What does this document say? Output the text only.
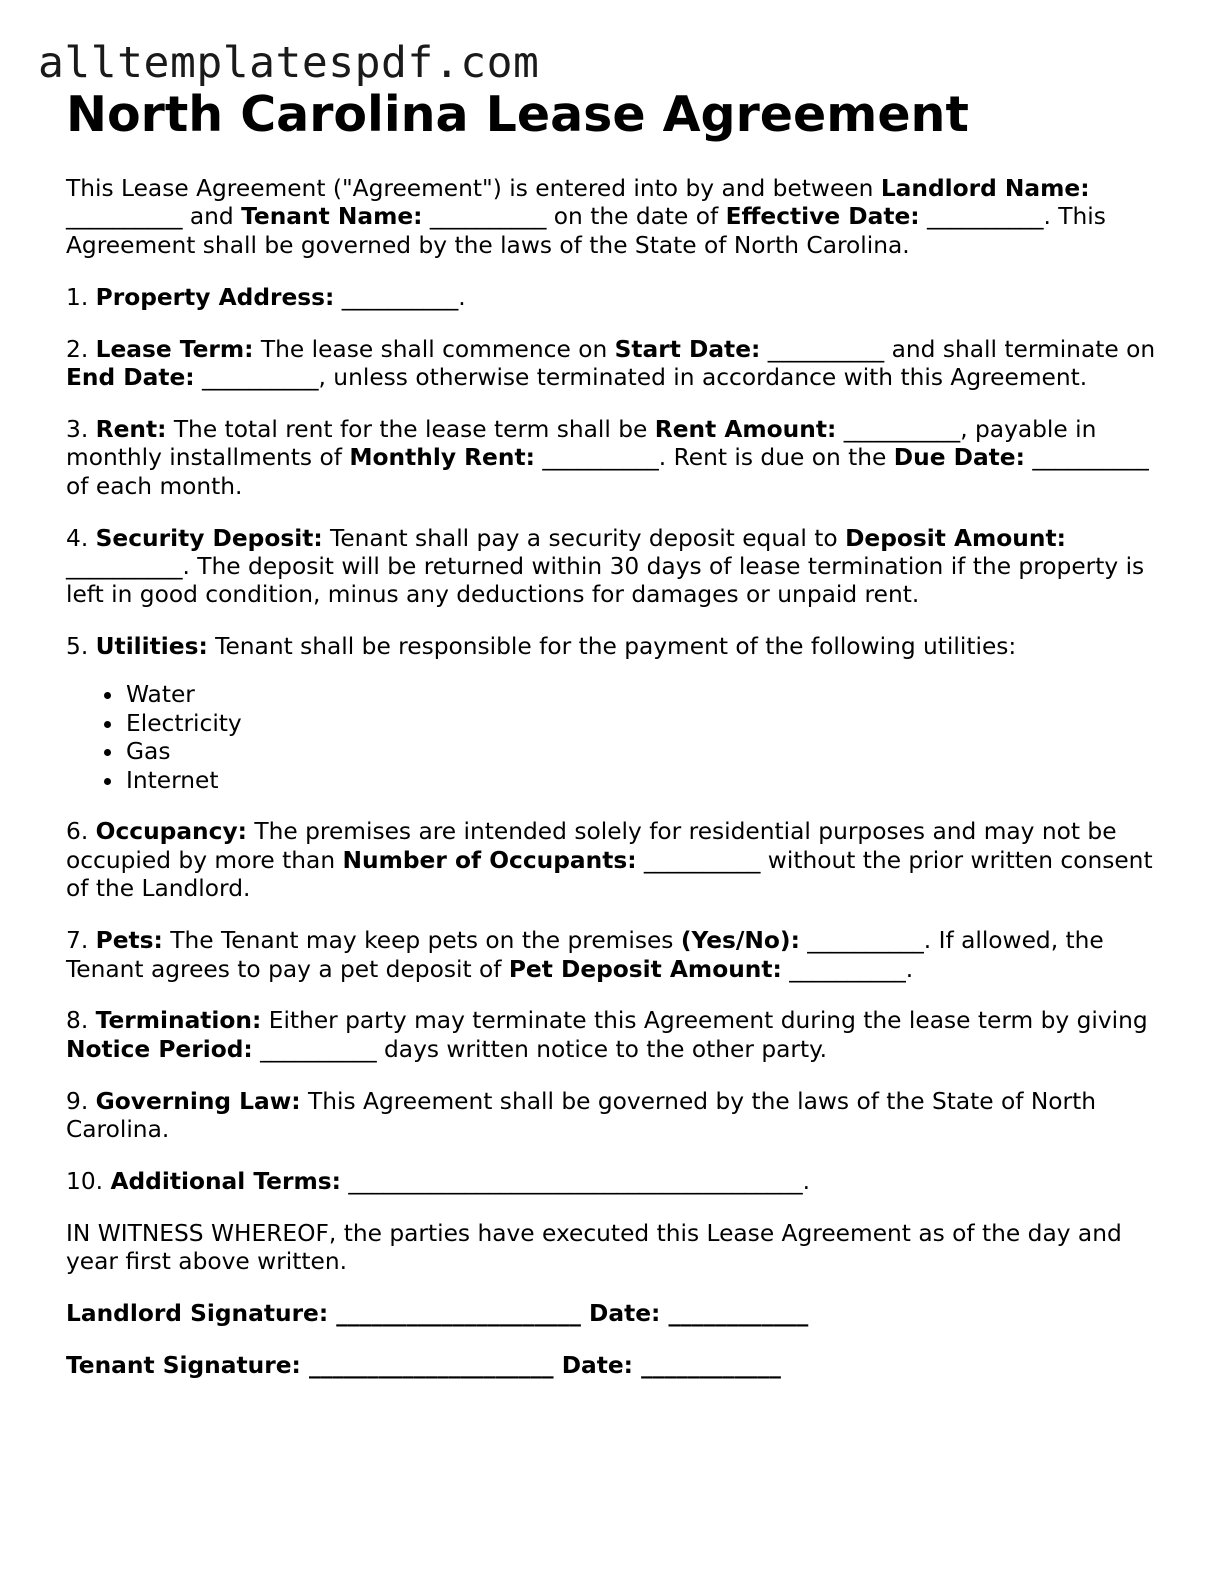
alltemplatespdf.com
North Carolina Lease Agreement

This Lease Agreement ("Agreement") is entered into by and between Landlord Name: __________ and Tenant Name: __________ on the date of Effective Date: __________. This Agreement shall be governed by the laws of the State of North Carolina.

1. Property Address: __________.

2. Lease Term: The lease shall commence on Start Date: __________ and shall terminate on End Date: __________, unless otherwise terminated in accordance with this Agreement.

3. Rent: The total rent for the lease term shall be Rent Amount: __________, payable in monthly installments of Monthly Rent: __________. Rent is due on the Due Date: __________ of each month.

4. Security Deposit: Tenant shall pay a security deposit equal to Deposit Amount: __________. The deposit will be returned within 30 days of lease termination if the property is left in good condition, minus any deductions for damages or unpaid rent.

5. Utilities: Tenant shall be responsible for the payment of the following utilities:

Water
Electricity
Gas
Internet

6. Occupancy: The premises are intended solely for residential purposes and may not be occupied by more than Number of Occupants: __________ without the prior written consent of the Landlord.

7. Pets: The Tenant may keep pets on the premises (Yes/No): __________. If allowed, the Tenant agrees to pay a pet deposit of Pet Deposit Amount: __________.

8. Termination: Either party may terminate this Agreement during the lease term by giving Notice Period: __________ days written notice to the other party.

9. Governing Law: This Agreement shall be governed by the laws of the State of North Carolina.

10. Additional Terms: _______________________________________.

IN WITNESS WHEREOF, the parties have executed this Lease Agreement as of the day and year first above written.

Landlord Signature: _____________________ Date: ____________

Tenant Signature: _____________________ Date: ____________
